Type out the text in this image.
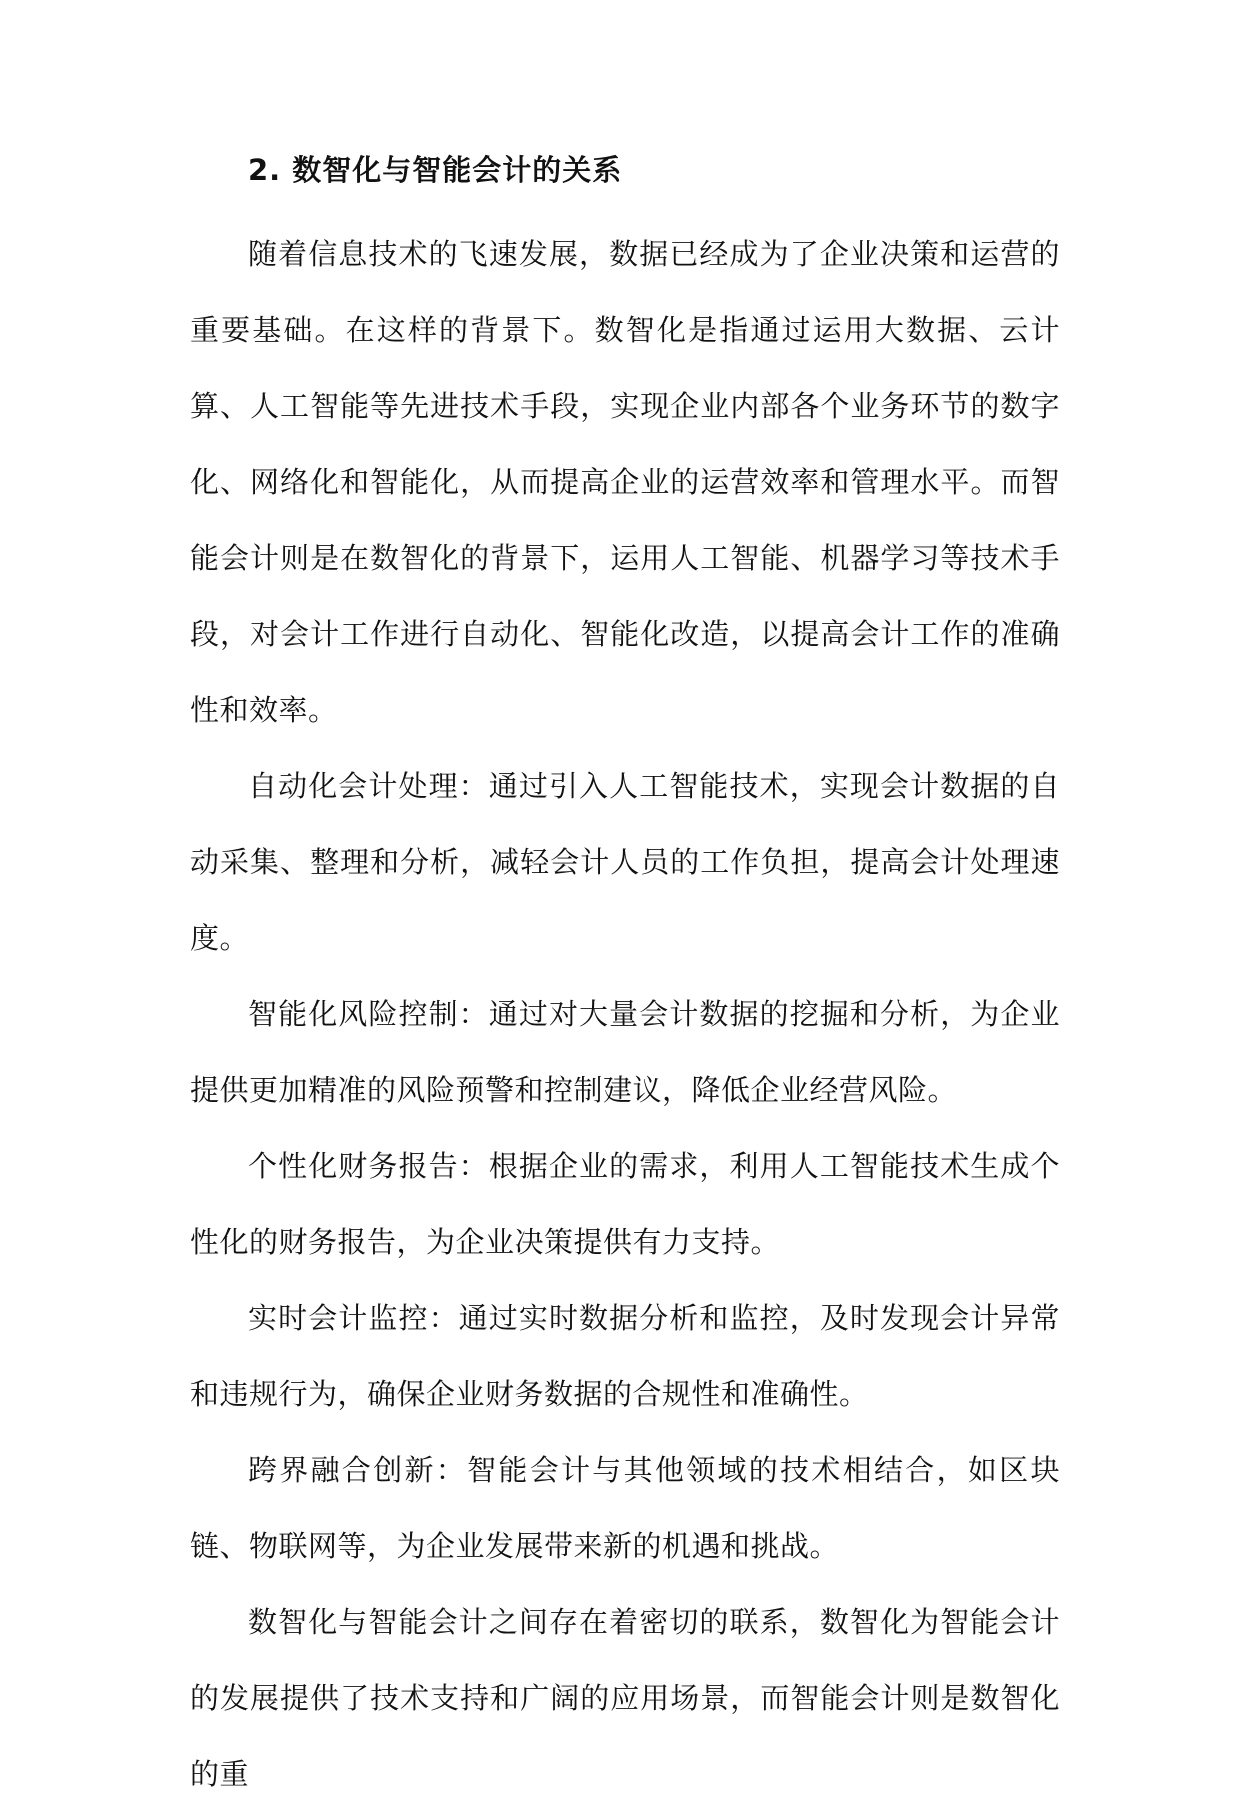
2. 数智化与智能会计的关系

随着信息技术的飞速发展，数据已经成为了企业决策和运营的重要基础。在这样的背景下。数智化是指通过运用大数据、云计算、人工智能等先进技术手段，实现企业内部各个业务环节的数字化、网络化和智能化，从而提高企业的运营效率和管理水平。而智能会计则是在数智化的背景下，运用人工智能、机器学习等技术手段，对会计工作进行自动化、智能化改造，以提高会计工作的准确性和效率。

自动化会计处理：通过引入人工智能技术，实现会计数据的自动采集、整理和分析，减轻会计人员的工作负担，提高会计处理速度。

智能化风险控制：通过对大量会计数据的挖掘和分析，为企业提供更加精准的风险预警和控制建议，降低企业经营风险。

个性化财务报告：根据企业的需求，利用人工智能技术生成个性化的财务报告，为企业决策提供有力支持。

实时会计监控：通过实时数据分析和监控，及时发现会计异常和违规行为，确保企业财务数据的合规性和准确性。

跨界融合创新：智能会计与其他领域的技术相结合，如区块链、物联网等，为企业发展带来新的机遇和挑战。

数智化与智能会计之间存在着密切的联系，数智化为智能会计的发展提供了技术支持和广阔的应用场景，而智能会计则是数智化的重
